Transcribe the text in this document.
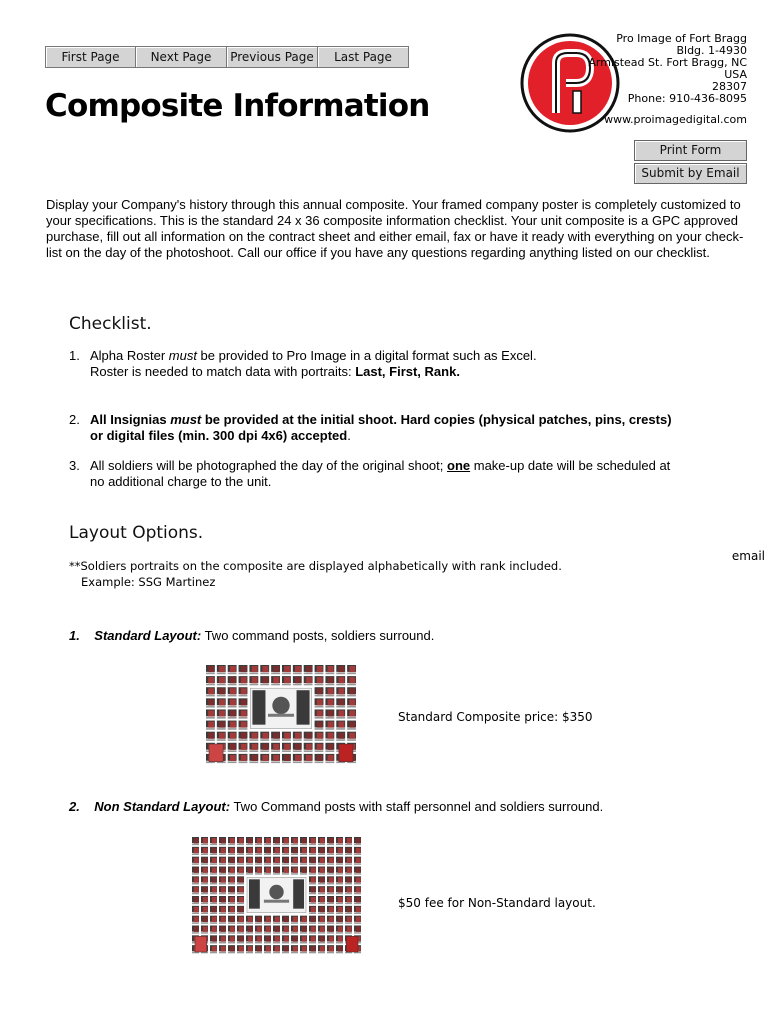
First Page	Next Page	Previous Page	Last Page
Composite Information
Pro Image of Fort Bragg
Bldg. 1-4930
Armistead St. Fort Bragg, NC
USA
28307
Phone: 910-436-8095
www.proimagedigital.com
Print Form
Submit by Email
Display your Company's history through this annual composite. Your framed company poster is completely customized to your specifications. This is the standard 24 x 36 composite information checklist. Your unit composite is a GPC approved purchase, fill out all information on the contract sheet and either email, fax or have it ready with everything on your check-list on the day of the photoshoot. Call our office if you have any questions regarding anything listed on our checklist.
Checklist.
1. Alpha Roster must be provided to Pro Image in a digital format such as Excel.
Roster is needed to match data with portraits: Last, First, Rank.
2. All Insignias must be provided at the initial shoot. Hard copies (physical patches, pins, crests)
or digital files (min. 300 dpi 4x6) accepted.
3. All soldiers will be photographed the day of the original shoot; one make-up date will be scheduled at
no additional charge to the unit.
Layout Options.
email
**Soldiers portraits on the composite are displayed alphabetically with rank included.
Example: SSG Martinez
1. Standard Layout: Two command posts, soldiers surround.
Standard Composite price: $350
2. Non Standard Layout: Two Command posts with staff personnel and soldiers surround.
$50 fee for Non-Standard layout.
